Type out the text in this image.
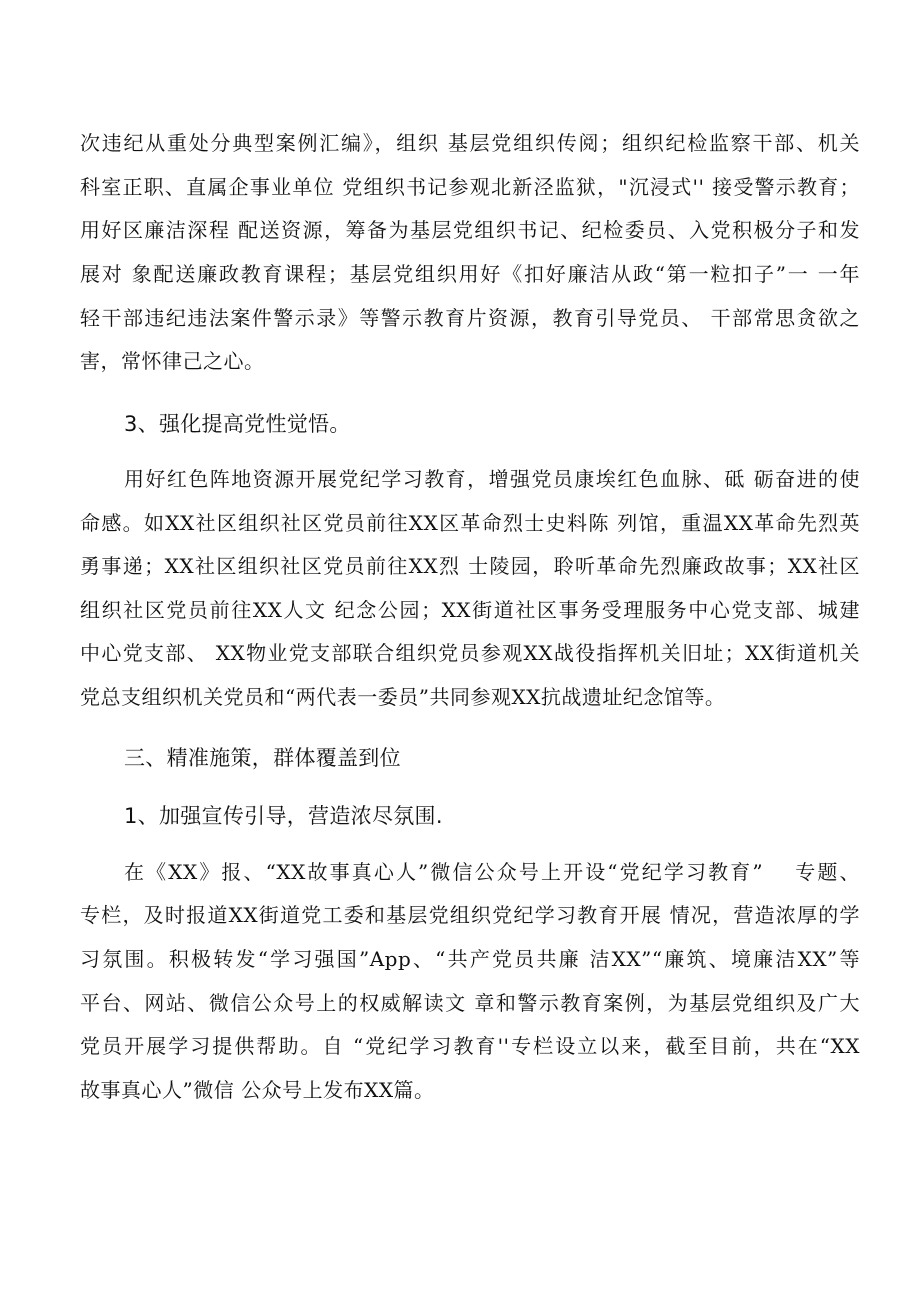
次违纪从重处分典型案例汇编》，组织 基层党组织传阅；组织纪检监察干部、机关

科室正职、直属企事业单位 党组织书记参观北新泾监狱，"沉浸式'' 接受警示教育；

用好区廉洁深程 配送资源，筹备为基层党组织书记、纪检委员、入党积极分子和发

展对 象配送廉政教育课程；基层党组织用好《扣好廉洁从政“第一粒扣子”一 一年

轻干部违纪违法案件警示录》等警示教育片资源，教育引导党员、 干部常思贪欲之

害，常怀律己之心。

3、强化提高党性觉悟。

用好红色阵地资源开展党纪学习教育，增强党员康埃红色血脉、砥 砺奋进的使

命感。如XX社区组织社区党员前往XX区革命烈士史料陈 列馆，重温XX革命先烈英

勇事递；XX社区组织社区党员前往XX烈 士陵园，聆听革命先烈廉政故事；XX社区

组织社区党员前往XX人文 纪念公园；XX街道社区事务受理服务中心党支部、城建

中心党支部、 XX物业党支部联合组织党员参观XX战役指挥机关旧址；XX街道机关

党总支组织机关党员和“两代表一委员”共同参观XX抗战遗址纪念馆等。

三、精准施策，群体覆盖到位
1、加强宣传引导，营造浓尽氛围.

在《XX》报、“XX故事真心人”微信公众号上开设“党纪学习教育”　 专题、

专栏，及时报道XX街道党工委和基层党组织党纪学习教育开展 情况，营造浓厚的学

习氛围。积极转发“学习强国”App、“共产党员共廉 洁XX”“廉筑、境廉洁XX”等

平台、网站、微信公众号上的权威解读文 章和警示教育案例，为基层党组织及广大

党员开展学习提供帮助。自 “党纪学习教育''专栏设立以来，截至目前，共在“XX

故事真心人”微信 公众号上发布XX篇。
